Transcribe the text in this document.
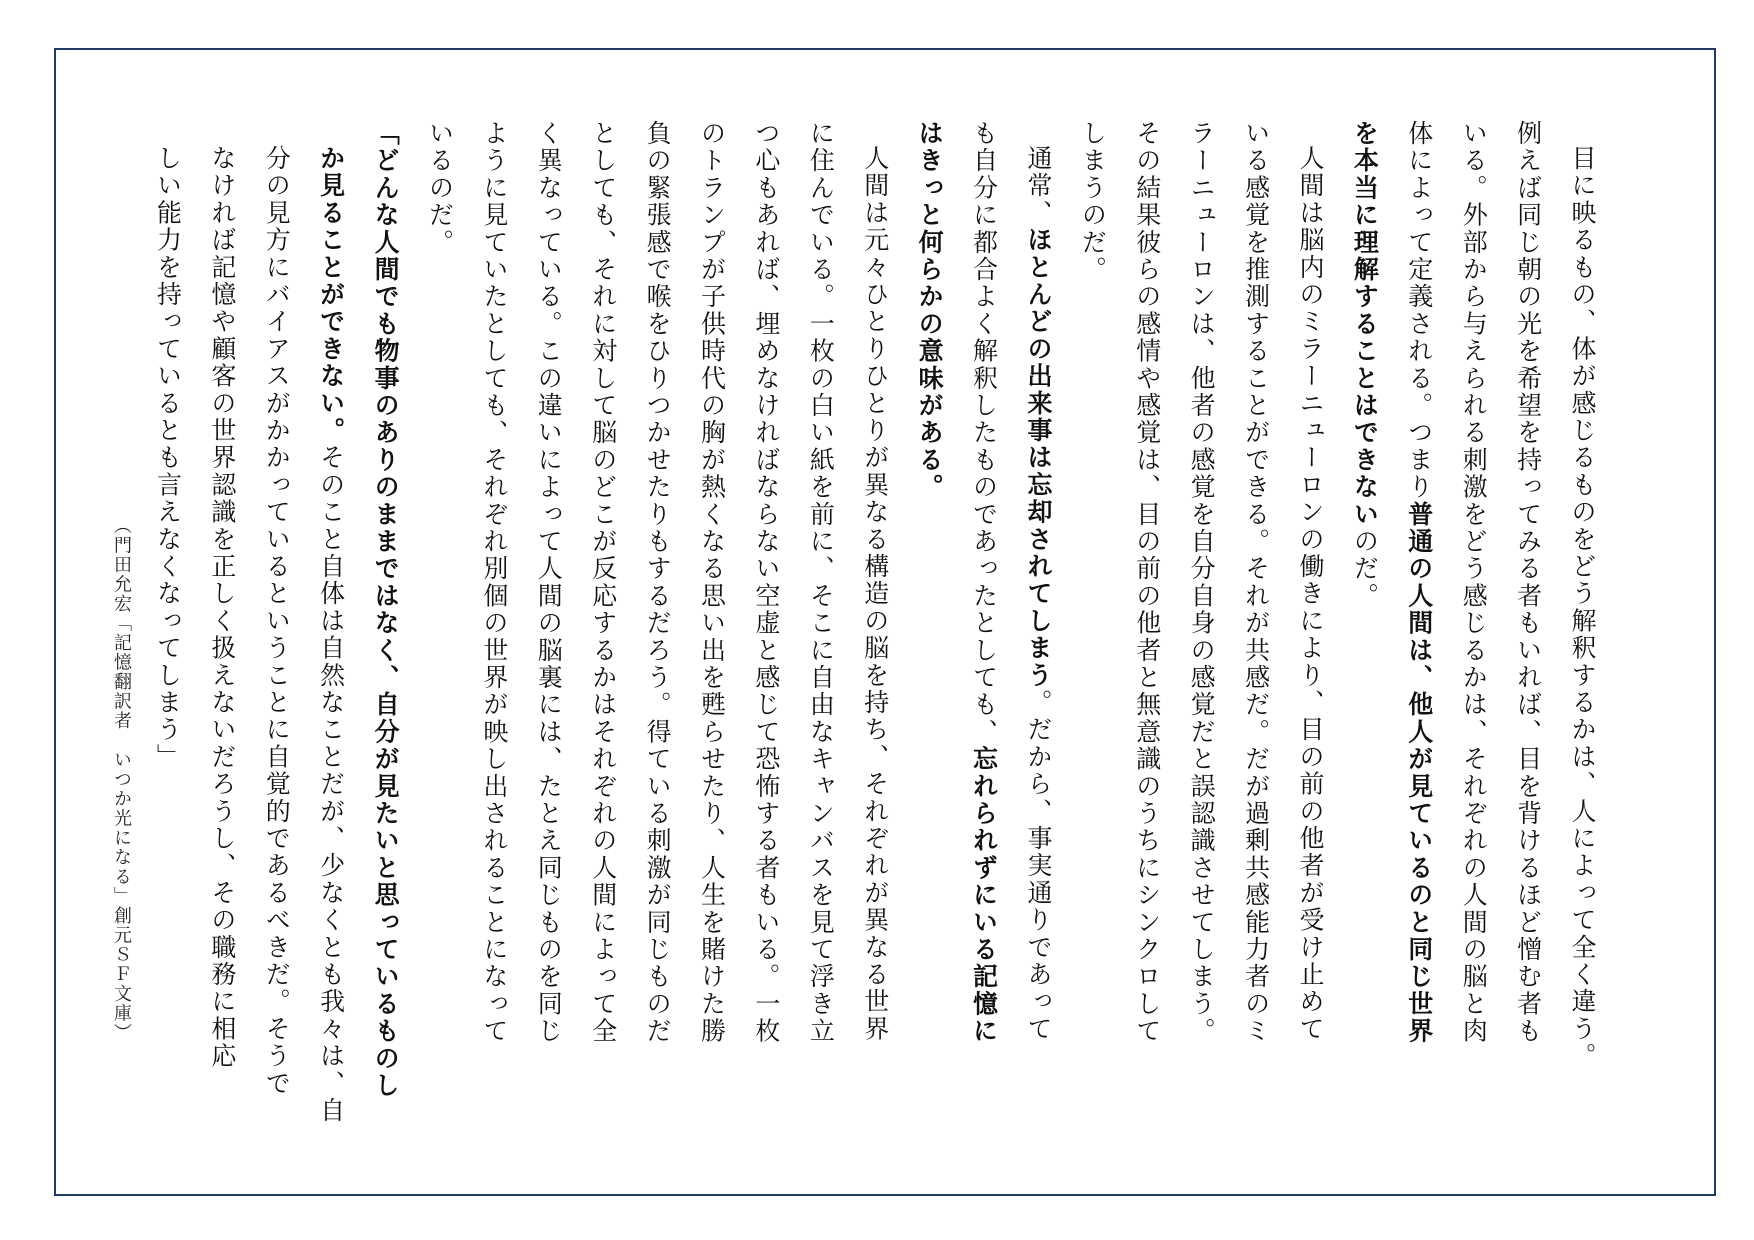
目に映るもの、体が感じるものをどう解釈するかは、人によって全く違う。
例えば同じ朝の光を希望を持ってみる者もいれば、目を背けるほど憎む者も
いる。外部から与えられる刺激をどう感じるかは、それぞれの人間の脳と肉
体によって定義される。つまり普通の人間は、他人が見ているのと同じ世界
を本当に理解することはできないのだ。

人間は脳内のミラーニューロンの働きにより、目の前の他者が受け止めて
いる感覚を推測することができる。それが共感だ。だが過剰共感能力者のミ
ラーニューロンは、他者の感覚を自分自身の感覚だと誤認識させてしまう。
その結果彼らの感情や感覚は、目の前の他者と無意識のうちにシンクロして
しまうのだ。

通常、ほとんどの出来事は忘却されてしまう。だから、事実通りであって
も自分に都合よく解釈したものであったとしても、忘れられずにいる記憶に
はきっと何らかの意味がある。

人間は元々ひとりひとりが異なる構造の脳を持ち、それぞれが異なる世界
に住んでいる。一枚の白い紙を前に、そこに自由なキャンバスを見て浮き立
つ心もあれば、埋めなければならない空虚と感じて恐怖する者もいる。一枚
のトランプが子供時代の胸が熱くなる思い出を甦らせたり、人生を賭けた勝
負の緊張感で喉をひりつかせたりもするだろう。得ている刺激が同じものだ
としても、それに対して脳のどこが反応するかはそれぞれの人間によって全
く異なっている。この違いによって人間の脳裏には、たとえ同じものを同じ
ように見ていたとしても、それぞれ別個の世界が映し出されることになって
いるのだ。

「どんな人間でも物事のありのままではなく、自分が見たいと思っているものし
か見ることができない。そのこと自体は自然なことだが、少なくとも我々は、自
分の見方にバイアスがかかっているということに自覚的であるべきだ。そうで
なければ記憶や顧客の世界認識を正しく扱えないだろうし、その職務に相応
しい能力を持っているとも言えなくなってしまう」

（門田允宏「記憶翻訳者　いつか光になる」創元ＳＦ文庫）
